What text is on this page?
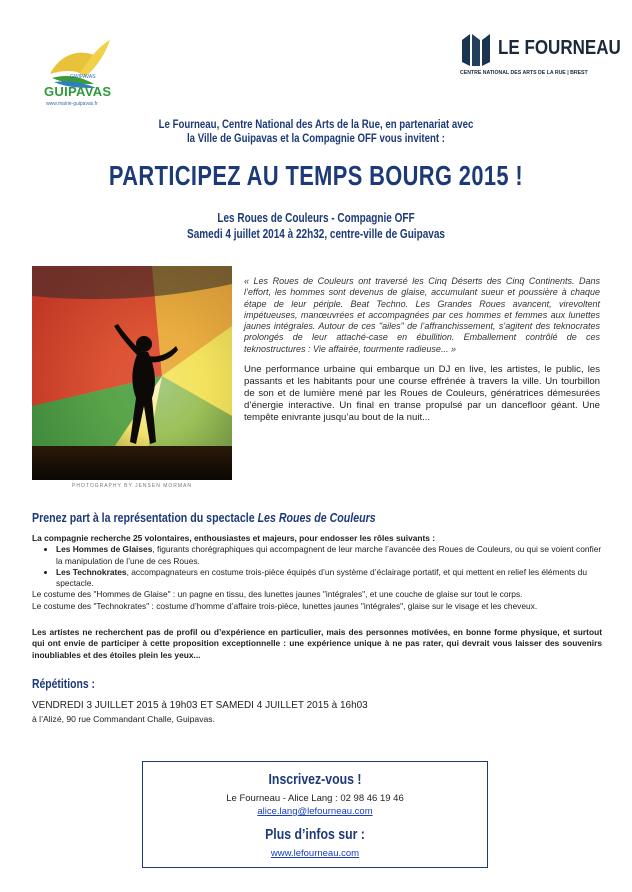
GWIPAVAS
GUIPAVAS
www.mairie-guipavas.fr
LE FOURNEAU
CENTRE NATIONAL DES ARTS DE LA RUE | BREST
Le Fourneau, Centre National des Arts de la Rue, en partenariat avec
la Ville de Guipavas et la Compagnie OFF vous invitent :
PARTICIPEZ AU TEMPS BOURG 2015 !
Les Roues de Couleurs - Compagnie OFF
Samedi 4 juillet 2014 à 22h32, centre-ville de Guipavas
PHOTOGRAPHY BY JENSEN MORMAN
« Les Roues de Couleurs ont traversé les Cinq Déserts des Cinq Continents. Dans l’effort, les hommes sont devenus de glaise, accumulant sueur et poussière à chaque étape de leur périple. Beat Techno. Les Grandes Roues avancent, virevoltent impétueuses, manœuvrées et accompagnées par ces hommes et femmes aux lunettes jaunes intégrales. Autour de ces "ailes" de l’affranchissement, s’agitent des teknocrates prolongés de leur attaché-case en ébullition. Emballement contrôlé de ces teknostructures : Vie affairée, tourmente radieuse... »
Une performance urbaine qui embarque un DJ en live, les artistes, le public, les passants et les habitants pour une course effrénée à travers la ville. Un tourbillon de son et de lumière mené par les Roues de Couleurs, génératrices démesurées d’énergie interactive. Un final en transe propulsé par un dancefloor géant. Une tempête enivrante jusqu’au bout de la nuit...
Prenez part à la représentation du spectacle Les Roues de Couleurs

La compagnie recherche 25 volontaires, enthousiastes et majeurs, pour endosser les rôles suivants :

• Les Hommes de Glaises, figurants chorégraphiques qui accompagnent de leur marche l’avancée des Roues de Couleurs, ou qui se voient confier la manipulation de l’une de ces Roues.
• Les Technokrates, accompagnateurs en costume trois-pièce équipés d’un système d’éclairage portatif, et qui mettent en relief les éléments du spectacle.

Le costume des "Hommes de Glaise" : un pagne en tissu, des lunettes jaunes "intégrales", et une couche de glaise sur tout le corps.

Le costume des "Technokrates" : costume d’homme d’affaire trois-pièce, lunettes jaunes "intégrales", glaise sur le visage et les cheveux.

Les artistes ne recherchent pas de profil ou d’expérience en particulier, mais des personnes motivées, en bonne forme physique, et surtout qui ont envie de participer à cette proposition exceptionnelle : une expérience unique à ne pas rater, qui devrait vous laisser des souvenirs inoubliables et des étoiles plein les yeux...
Répétitions :
VENDREDI 3 JUILLET 2015 à 19h03 ET SAMEDI 4 JUILLET 2015 à 16h03
à l’Alizé, 90 rue Commandant Challe, Guipavas.
Inscrivez-vous !
Le Fourneau - Alice Lang : 02 98 46 19 46
alice.lang@lefourneau.com
Plus d’infos sur :
www.lefourneau.com
